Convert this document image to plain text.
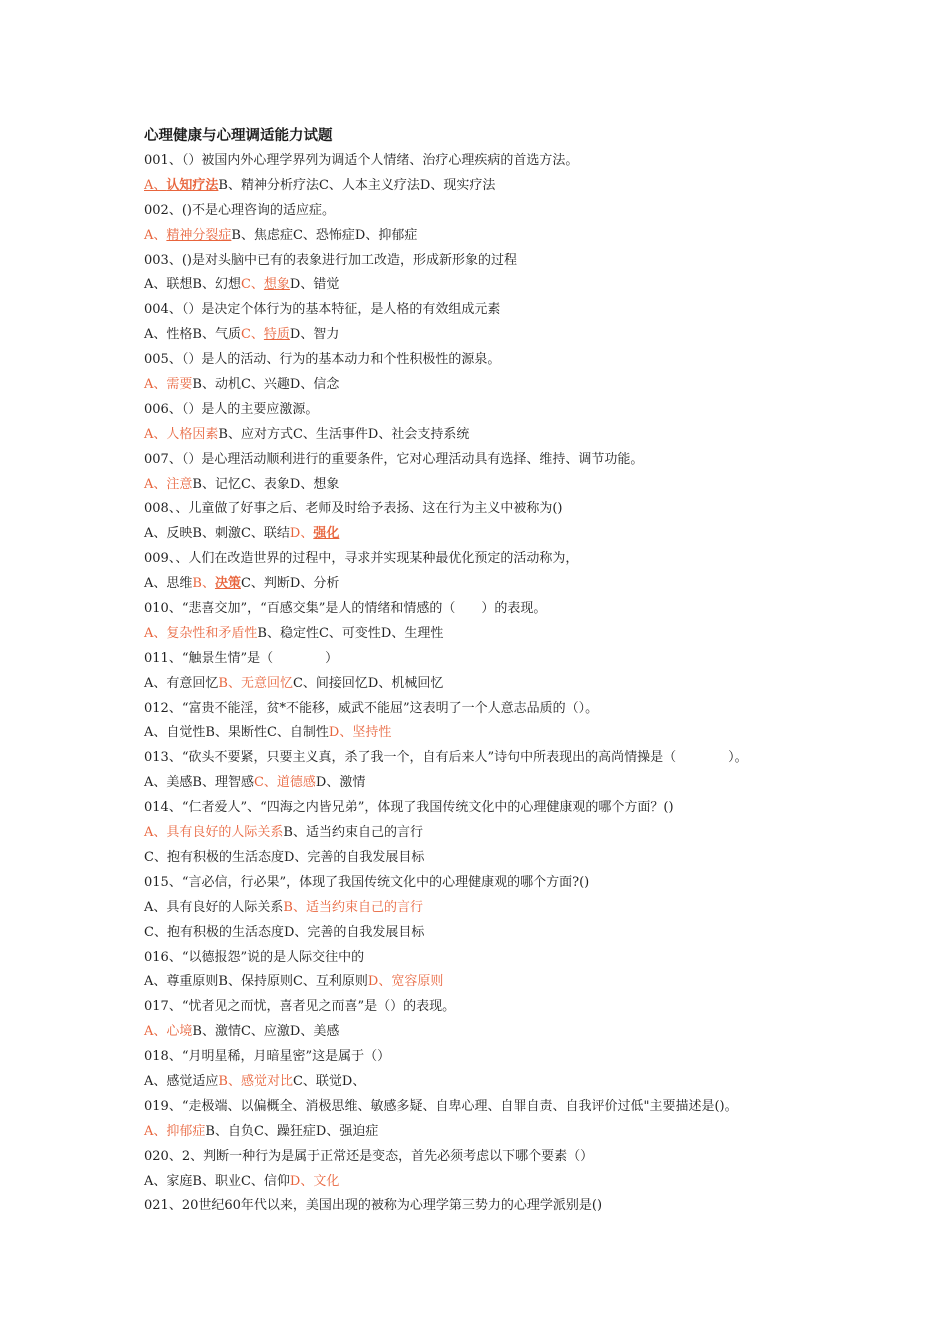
心理健康与心理调适能力试题
001、（）被国内外心理学界列为调适个人情绪、治疗心理疾病的首选方法。
A、认知疗法B、精神分析疗法C、人本主义疗法D、现实疗法
002、()不是心理咨询的适应症。
A、精神分裂症B、焦虑症C、恐怖症D、抑郁症
003、()是对头脑中已有的表象进行加工改造，形成新形象的过程
A、联想B、幻想C、想象D、错觉
004、（）是决定个体行为的基本特征，是人格的有效组成元素
A、性格B、气质C、特质D、智力
005、（）是人的活动、行为的基本动力和个性积极性的源泉。
A、需要B、动机C、兴趣D、信念
006、（）是人的主要应激源。
A、人格因素B、应对方式C、生活事件D、社会支持系统
007、（）是心理活动顺利进行的重要条件，它对心理活动具有选择、维持、调节功能。
A、注意B、记忆C、表象D、想象
008、、儿童做了好事之后、老师及时给予表扬、这在行为主义中被称为()
A、反映B、刺激C、联结D、强化
009、、人们在改造世界的过程中，寻求并实现某种最优化预定的活动称为，
A、思维B、决策C、判断D、分析
010、“悲喜交加”，“百感交集”是人的情绪和情感的（　　）的表现。
A、复杂性和矛盾性B、稳定性C、可变性D、生理性
011、“触景生情”是（　　　　）
A、有意回忆B、无意回忆C、间接回忆D、机械回忆
012、“富贵不能淫，贫*不能移，威武不能屈”这表明了一个人意志品质的（）。
A、自觉性B、果断性C、自制性D、坚持性
013、“砍头不要紧，只要主义真，杀了我一个，自有后来人”诗句中所表现出的高尚情操是（　　　　）。
A、美感B、理智感C、道德感D、激情
014、“仁者爱人”、“四海之内皆兄弟”，体现了我国传统文化中的心理健康观的哪个方面？()
A、具有良好的人际关系B、适当约束自己的言行
C、抱有积极的生活态度D、完善的自我发展目标
015、“言必信，行必果”，体现了我国传统文化中的心理健康观的哪个方面?()
A、具有良好的人际关系B、适当约束自己的言行
C、抱有积极的生活态度D、完善的自我发展目标
016、“以德报怨”说的是人际交往中的
A、尊重原则B、保持原则C、互利原则D、宽容原则
017、“忧者见之而忧，喜者见之而喜”是（）的表现。
A、心境B、激情C、应激D、美感
018、“月明星稀，月暗星密”这是属于（）
A、感觉适应B、感觉对比C、联觉D、
019、“走极端、以偏概全、消极思维、敏感多疑、自卑心理、自罪自责、自我评价过低"主要描述是()。
A、抑郁症B、自负C、躁狂症D、强迫症
020、2、判断一种行为是属于正常还是变态，首先必须考虑以下哪个要素（）
A、家庭B、职业C、信仰D、文化
021、20世纪60年代以来，美国出现的被称为心理学第三势力的心理学派别是()
